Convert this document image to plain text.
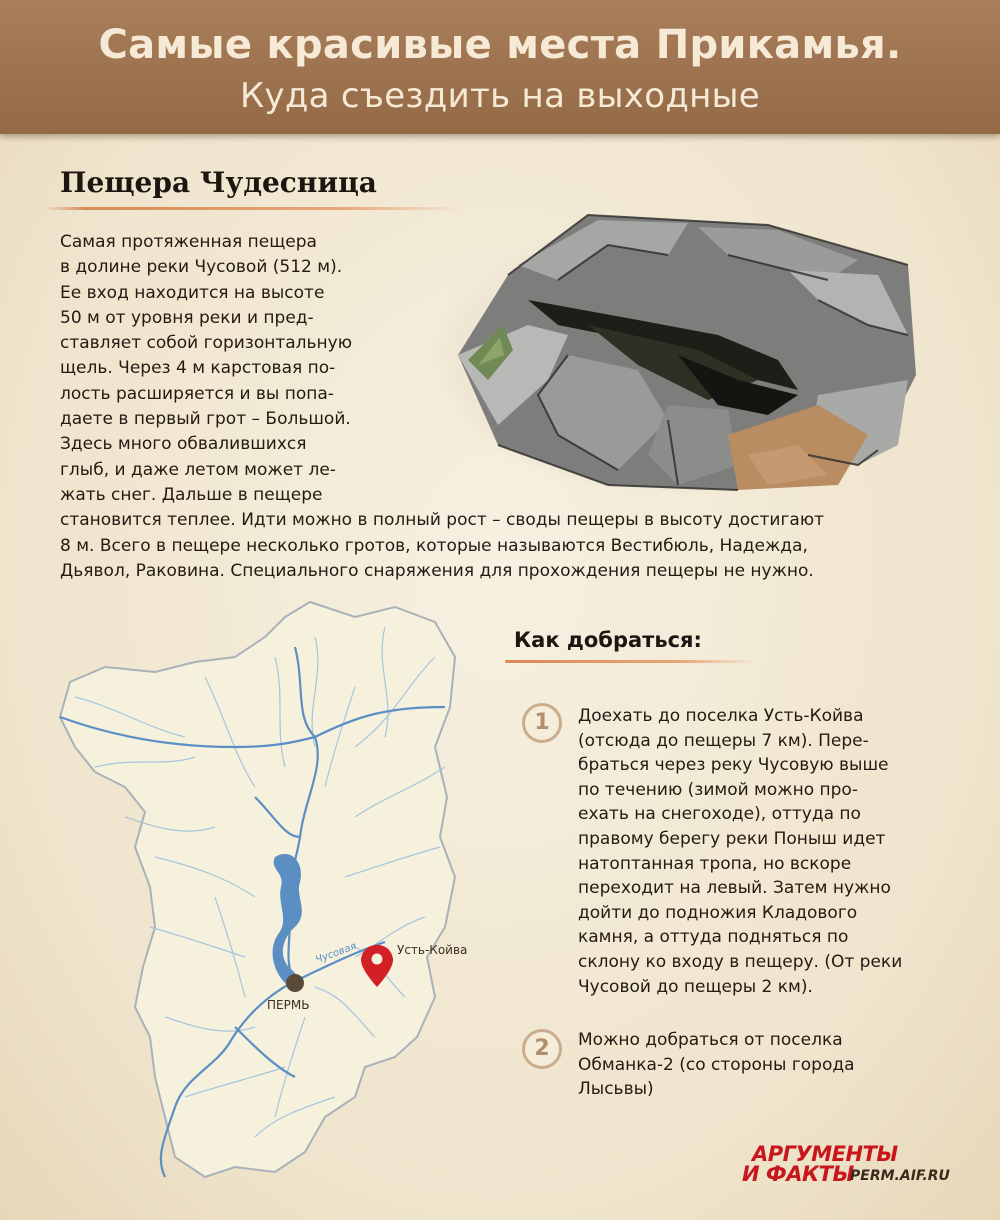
Самые красивые места Прикамья.
Куда съездить на выходные
Пещера Чудесница
Самая протяженная пещера
в долине реки Чусовой (512 м).
Ее вход находится на высоте
50 м от уровня реки и пред-
ставляет собой горизонтальную
щель. Через 4 м карстовая по-
лость расширяется и вы попа-
даете в первый грот – Большой.
Здесь много обвалившихся
глыб, и даже летом может ле-
жать снег. Дальше в пещере
становится теплее. Идти можно в полный рост – своды пещеры в высоту достигают
8 м. Всего в пещере несколько гротов, которые называются Вестибюль, Надежда,
Дьявол, Раковина. Специального снаряжения для прохождения пещеры не нужно.
Чусовая
ПЕРМЬ
Усть-Койва
Как добраться:
1	Доехать до поселка Усть-Койва
(отсюда до пещеры 7 км). Пере-
браться через реку Чусовую выше
по течению (зимой можно про-
ехать на снегоходе), оттуда по
правому берегу реки Поныш идет
натоптанная тропа, но вскоре
переходит на левый. Затем нужно
дойти до подножия Кладового
камня, а оттуда подняться по
склону ко входу в пещеру. (От реки
Чусовой до пещеры 2 км).
2	Можно добраться от поселка
Обманка-2 (со стороны города
Лысьвы)
АРГУМЕНТЫ
И ФАКТЫ
PERM.AIF.RU
